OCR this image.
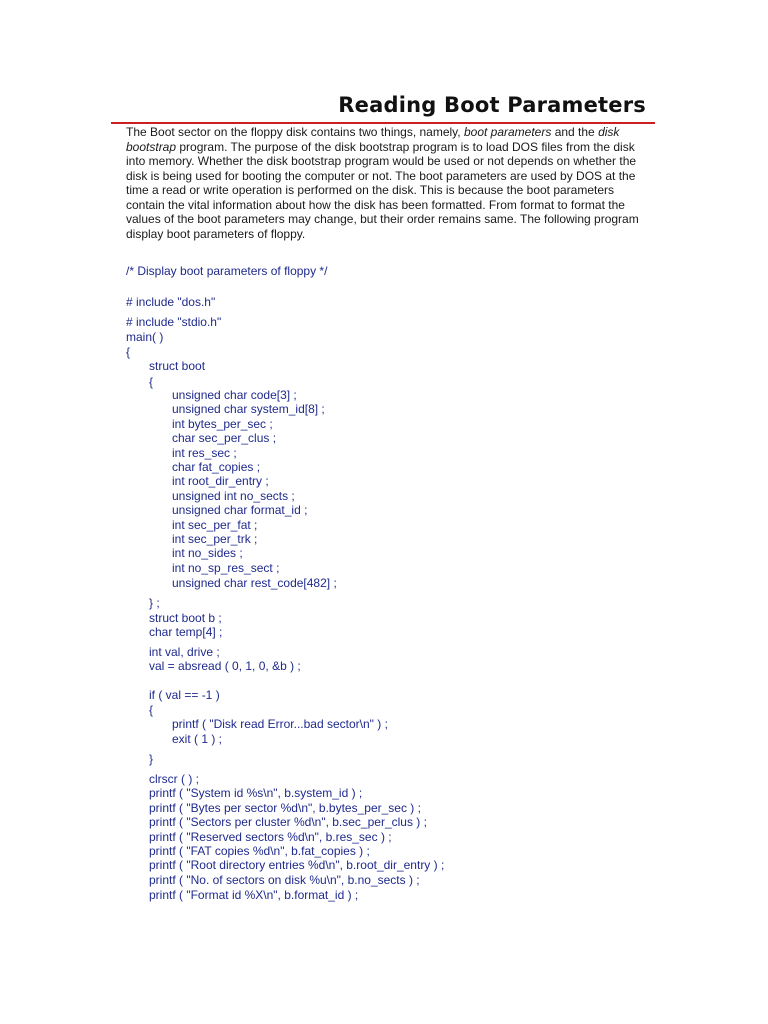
Reading Boot Parameters
The Boot sector on the floppy disk contains two things, namely, boot parameters and the disk bootstrap program. The purpose of the disk bootstrap program is to load DOS files from the disk into memory. Whether the disk bootstrap program would be used or not depends on whether the disk is being used for booting the computer or not. The boot parameters are used by DOS at the time a read or write operation is performed on the disk. This is because the boot parameters contain the vital information about how the disk has been formatted. From format to format the values of the boot parameters may change, but their order remains same. The following program display boot parameters of floppy.
/* Display boot parameters of floppy */
# include "dos.h"
# include "stdio.h"
main( )
{
struct boot
{
unsigned char code[3] ;
unsigned char system_id[8] ;
int bytes_per_sec ;
char sec_per_clus ;
int res_sec ;
char fat_copies ;
int root_dir_entry ;
unsigned int no_sects ;
unsigned char format_id ;
int sec_per_fat ;
int sec_per_trk ;
int no_sides ;
int no_sp_res_sect ;
unsigned char rest_code[482] ;
} ;
struct boot b ;
char temp[4] ;
int val, drive ;
val = absread ( 0, 1, 0, &b ) ;
if ( val == -1 )
{
printf ( "Disk read Error...bad sector\n" ) ;
exit ( 1 ) ;
}
clrscr ( ) ;
printf ( "System id %s\n", b.system_id ) ;
printf ( "Bytes per sector %d\n", b.bytes_per_sec ) ;
printf ( "Sectors per cluster %d\n", b.sec_per_clus ) ;
printf ( "Reserved sectors %d\n", b.res_sec ) ;
printf ( "FAT copies %d\n", b.fat_copies ) ;
printf ( "Root directory entries %d\n", b.root_dir_entry ) ;
printf ( "No. of sectors on disk %u\n", b.no_sects ) ;
printf ( "Format id %X\n", b.format_id ) ;
